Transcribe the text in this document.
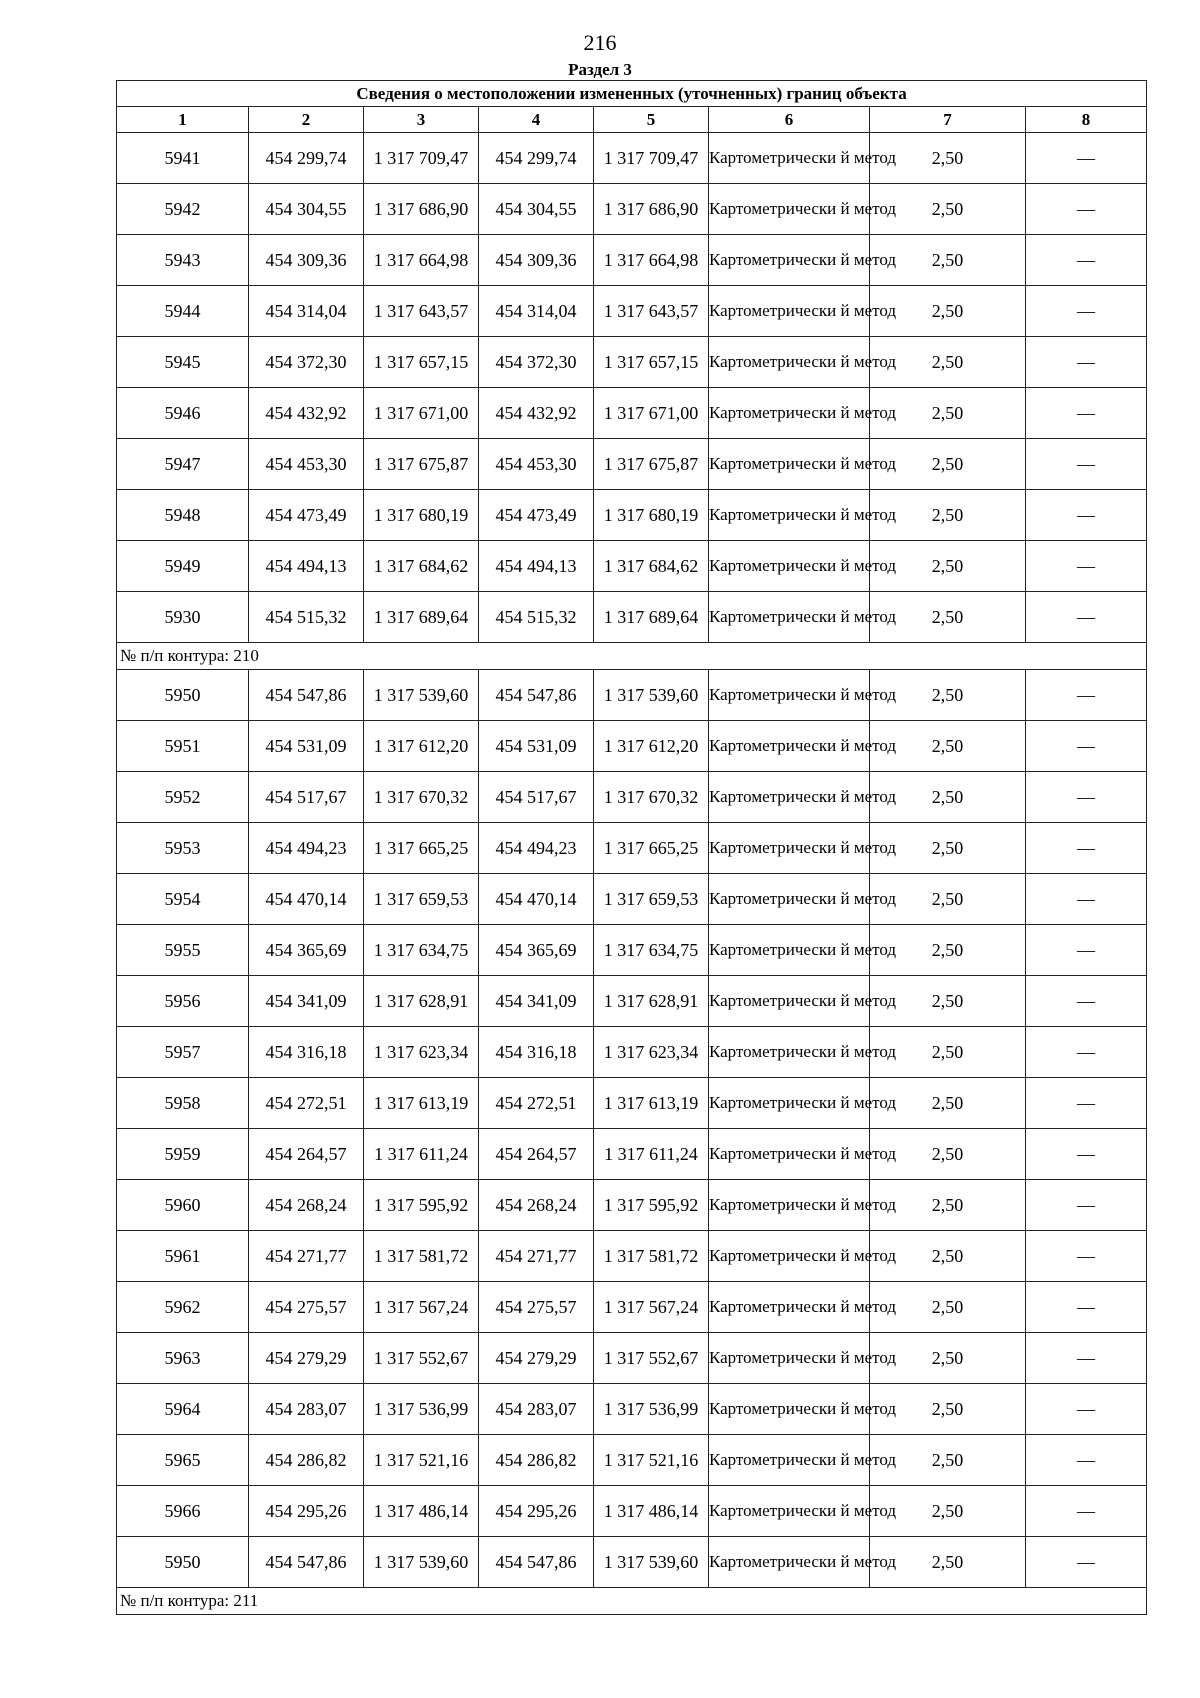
216
Раздел 3
Сведения о местоположении измененных (уточненных) границ объекта							
1	2	3	4	5	6	7	8
5941	454 299,74	1 317 709,47	454 299,74	1 317 709,47	Картометрически й метод	2,50	—
5942	454 304,55	1 317 686,90	454 304,55	1 317 686,90	Картометрически й метод	2,50	—
5943	454 309,36	1 317 664,98	454 309,36	1 317 664,98	Картометрически й метод	2,50	—
5944	454 314,04	1 317 643,57	454 314,04	1 317 643,57	Картометрически й метод	2,50	—
5945	454 372,30	1 317 657,15	454 372,30	1 317 657,15	Картометрически й метод	2,50	—
5946	454 432,92	1 317 671,00	454 432,92	1 317 671,00	Картометрически й метод	2,50	—
5947	454 453,30	1 317 675,87	454 453,30	1 317 675,87	Картометрически й метод	2,50	—
5948	454 473,49	1 317 680,19	454 473,49	1 317 680,19	Картометрически й метод	2,50	—
5949	454 494,13	1 317 684,62	454 494,13	1 317 684,62	Картометрически й метод	2,50	—
5930	454 515,32	1 317 689,64	454 515,32	1 317 689,64	Картометрически й метод	2,50	—
№ п/п контура: 210							
5950	454 547,86	1 317 539,60	454 547,86	1 317 539,60	Картометрически й метод	2,50	—
5951	454 531,09	1 317 612,20	454 531,09	1 317 612,20	Картометрически й метод	2,50	—
5952	454 517,67	1 317 670,32	454 517,67	1 317 670,32	Картометрически й метод	2,50	—
5953	454 494,23	1 317 665,25	454 494,23	1 317 665,25	Картометрически й метод	2,50	—
5954	454 470,14	1 317 659,53	454 470,14	1 317 659,53	Картометрически й метод	2,50	—
5955	454 365,69	1 317 634,75	454 365,69	1 317 634,75	Картометрически й метод	2,50	—
5956	454 341,09	1 317 628,91	454 341,09	1 317 628,91	Картометрически й метод	2,50	—
5957	454 316,18	1 317 623,34	454 316,18	1 317 623,34	Картометрически й метод	2,50	—
5958	454 272,51	1 317 613,19	454 272,51	1 317 613,19	Картометрически й метод	2,50	—
5959	454 264,57	1 317 611,24	454 264,57	1 317 611,24	Картометрически й метод	2,50	—
5960	454 268,24	1 317 595,92	454 268,24	1 317 595,92	Картометрически й метод	2,50	—
5961	454 271,77	1 317 581,72	454 271,77	1 317 581,72	Картометрически й метод	2,50	—
5962	454 275,57	1 317 567,24	454 275,57	1 317 567,24	Картометрически й метод	2,50	—
5963	454 279,29	1 317 552,67	454 279,29	1 317 552,67	Картометрически й метод	2,50	—
5964	454 283,07	1 317 536,99	454 283,07	1 317 536,99	Картометрически й метод	2,50	—
5965	454 286,82	1 317 521,16	454 286,82	1 317 521,16	Картометрически й метод	2,50	—
5966	454 295,26	1 317 486,14	454 295,26	1 317 486,14	Картометрически й метод	2,50	—
5950	454 547,86	1 317 539,60	454 547,86	1 317 539,60	Картометрически й метод	2,50	—
№ п/п контура: 211							
